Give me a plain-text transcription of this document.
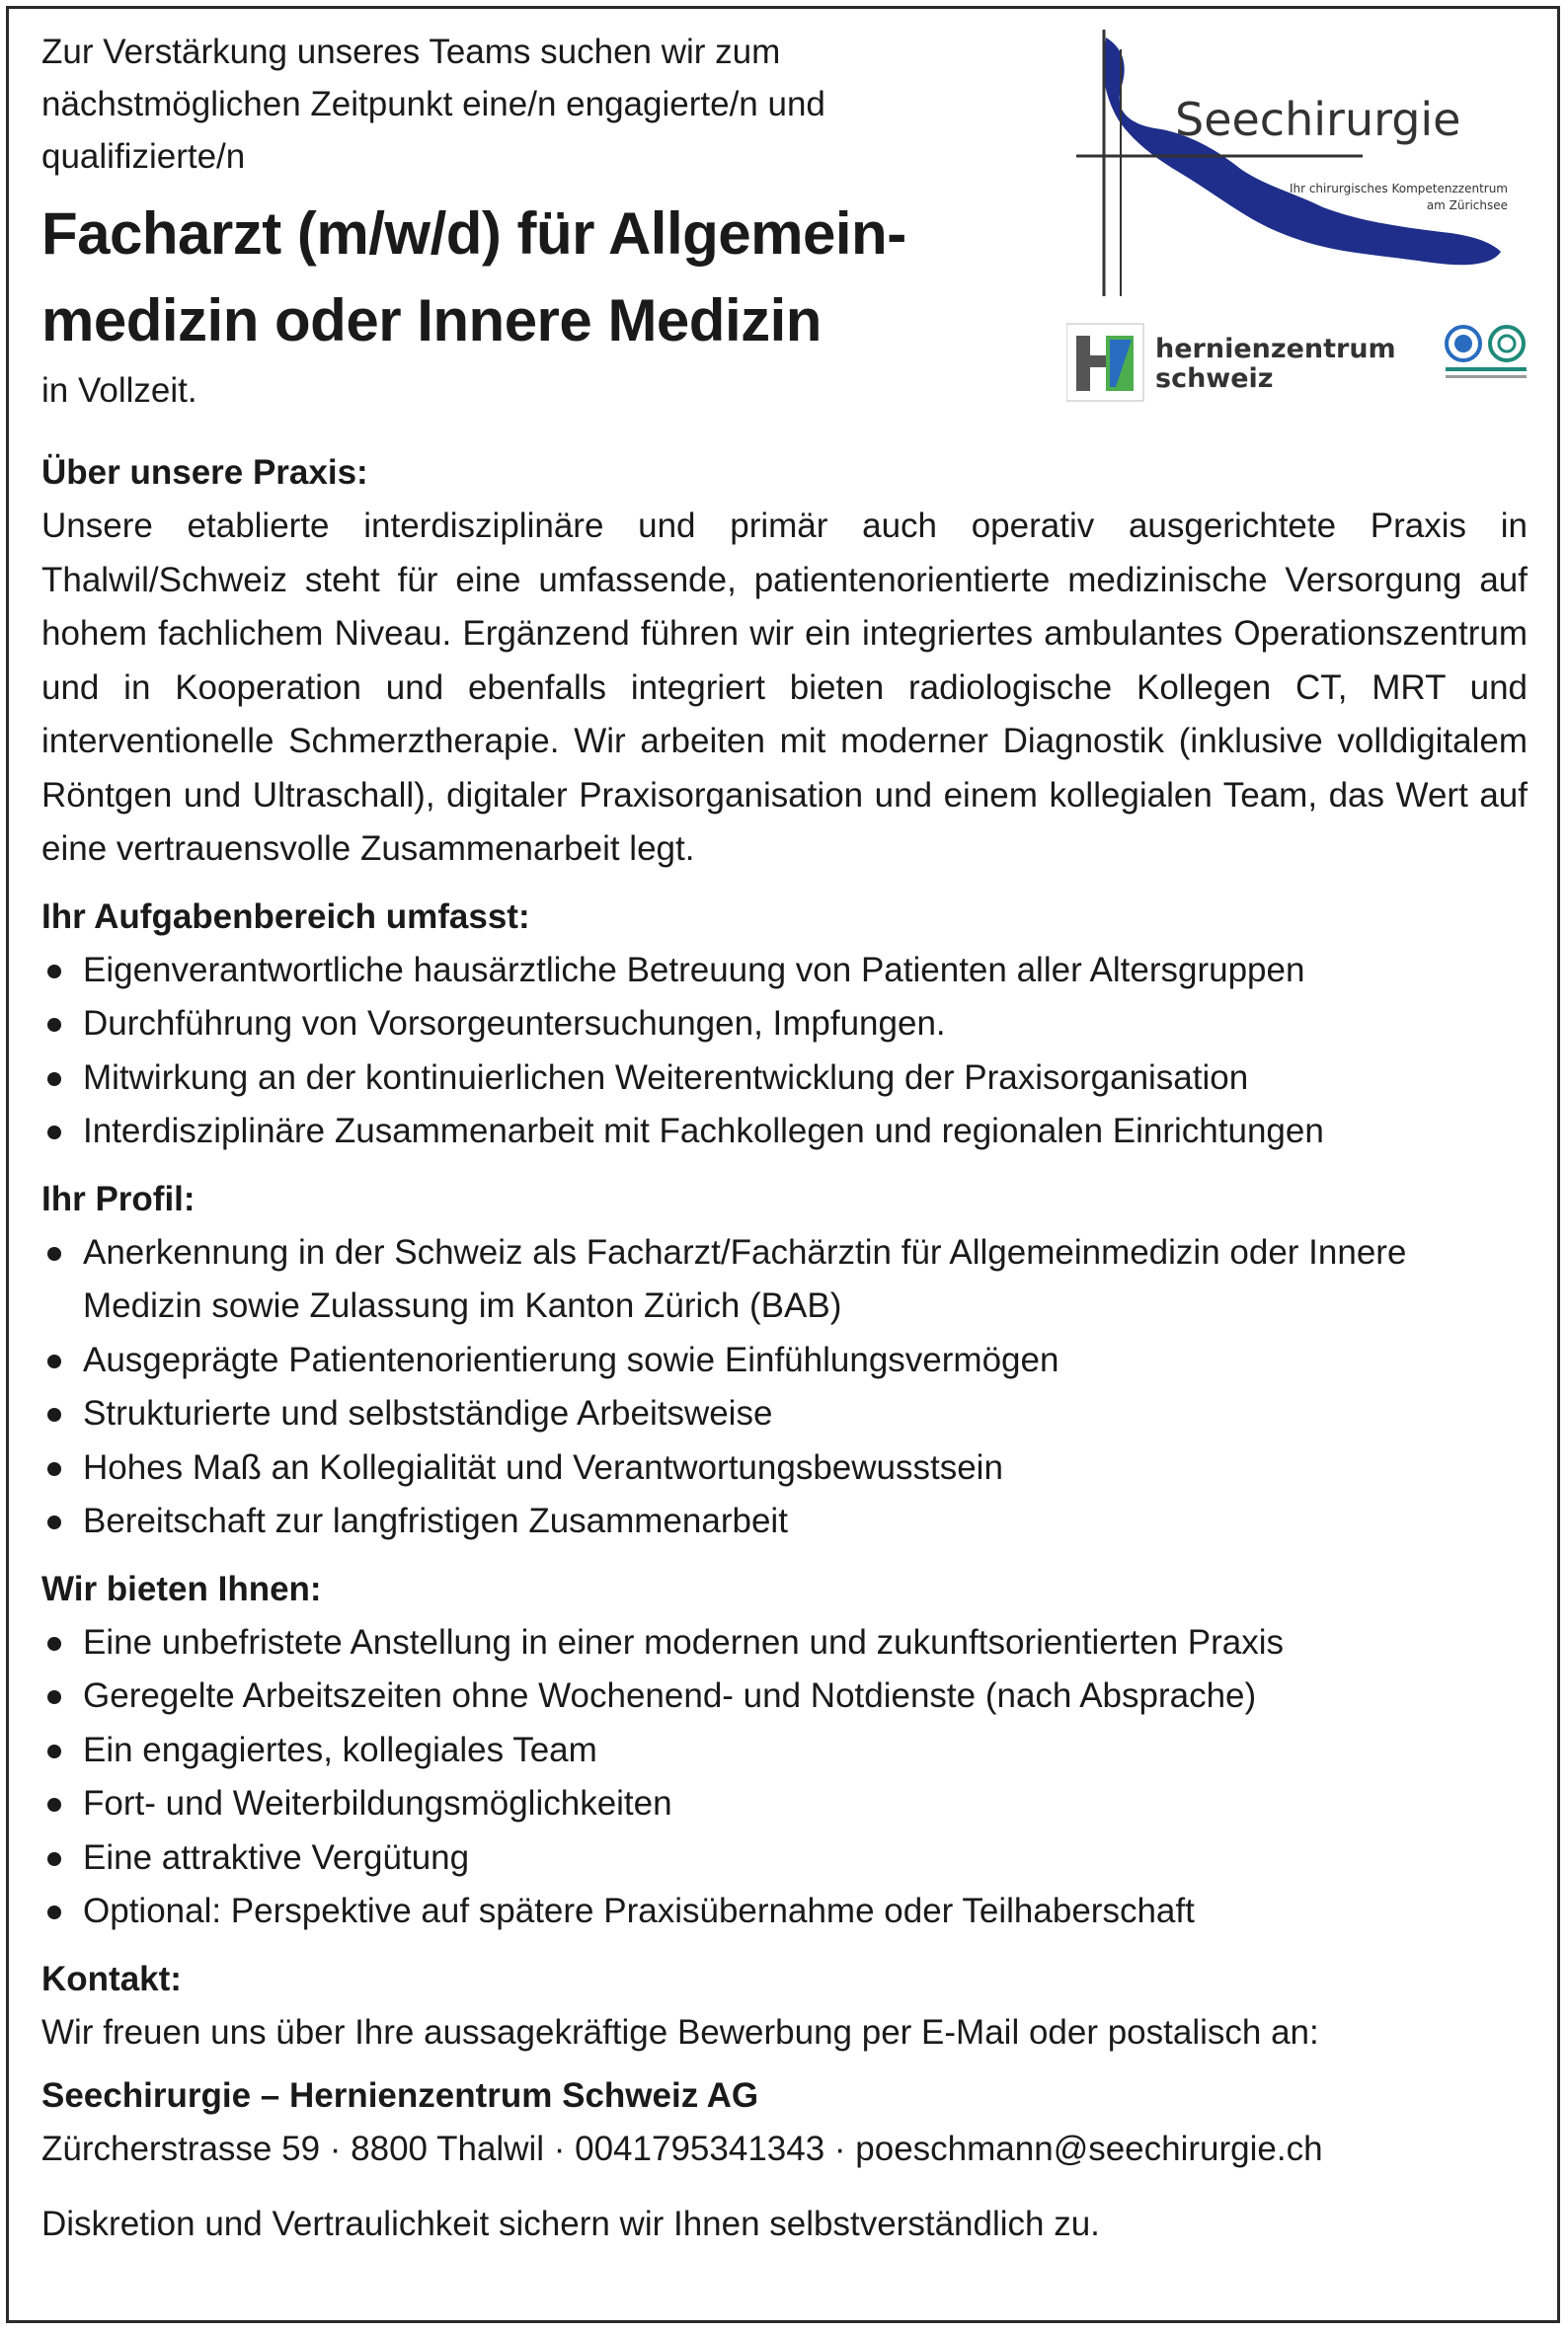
Seechirurgie
Ihr chirurgisches Kompetenzzentrum
am Zürichsee
hernienzentrum
schweiz
Zur Verstärkung unseres Teams suchen wir zum nächstmöglichen Zeitpunkt eine/n engagierte/n und qualifizierte/n
Facharzt (m/w/d) für Allgemein-
medizin oder Innere Medizin
in Vollzeit.
Über unsere Praxis:

Unsere etablierte interdisziplinäre und primär auch operativ ausgerichtete Praxis in Thalwil/Schweiz steht für eine umfassende, patientenorientierte medizinische Versorgung auf hohem fachlichem Niveau. Ergänzend führen wir ein integriertes ambulantes Operationszentrum und in Kooperation und ebenfalls integriert bieten radiologische Kollegen CT, MRT und interventionelle Schmerztherapie. Wir arbeiten mit moderner Diagnostik (inklusive volldigitalem Röntgen und Ultraschall), digitaler Praxisorganisation und einem kollegialen Team, das Wert auf eine vertrauensvolle Zusammenarbeit legt.

Ihr Aufgabenbereich umfasst:
Eigenverantwortliche hausärztliche Betreuung von Patienten aller Altersgruppen
Durchführung von Vorsorgeuntersuchungen, Impfungen.
Mitwirkung an der kontinuierlichen Weiterentwicklung der Praxisorganisation
Interdisziplinäre Zusammenarbeit mit Fachkollegen und regionalen Einrichtungen
Ihr Profil:
Anerkennung in der Schweiz als Facharzt/Fachärztin für Allgemeinmedizin oder Innere Medizin sowie Zulassung im Kanton Zürich (BAB)
Ausgeprägte Patientenorientierung sowie Einfühlungsvermögen
Strukturierte und selbstständige Arbeitsweise
Hohes Maß an Kollegialität und Verantwortungsbewusstsein
Bereitschaft zur langfristigen Zusammenarbeit
Wir bieten Ihnen:
Eine unbefristete Anstellung in einer modernen und zukunftsorientierten Praxis
Geregelte Arbeitszeiten ohne Wochenend- und Notdienste (nach Absprache)
Ein engagiertes, kollegiales Team
Fort- und Weiterbildungsmöglichkeiten
Eine attraktive Vergütung
Optional: Perspektive auf spätere Praxisübernahme oder Teilhaberschaft
Kontakt:
Wir freuen uns über Ihre aussagekräftige Bewerbung per E-Mail oder postalisch an:
Seechirurgie – Hernienzentrum Schweiz AG
Zürcherstrasse 59 · 8800 Thalwil · 0041795341343 · poeschmann@seechirurgie.ch
Diskretion und Vertraulichkeit sichern wir Ihnen selbstverständlich zu.
